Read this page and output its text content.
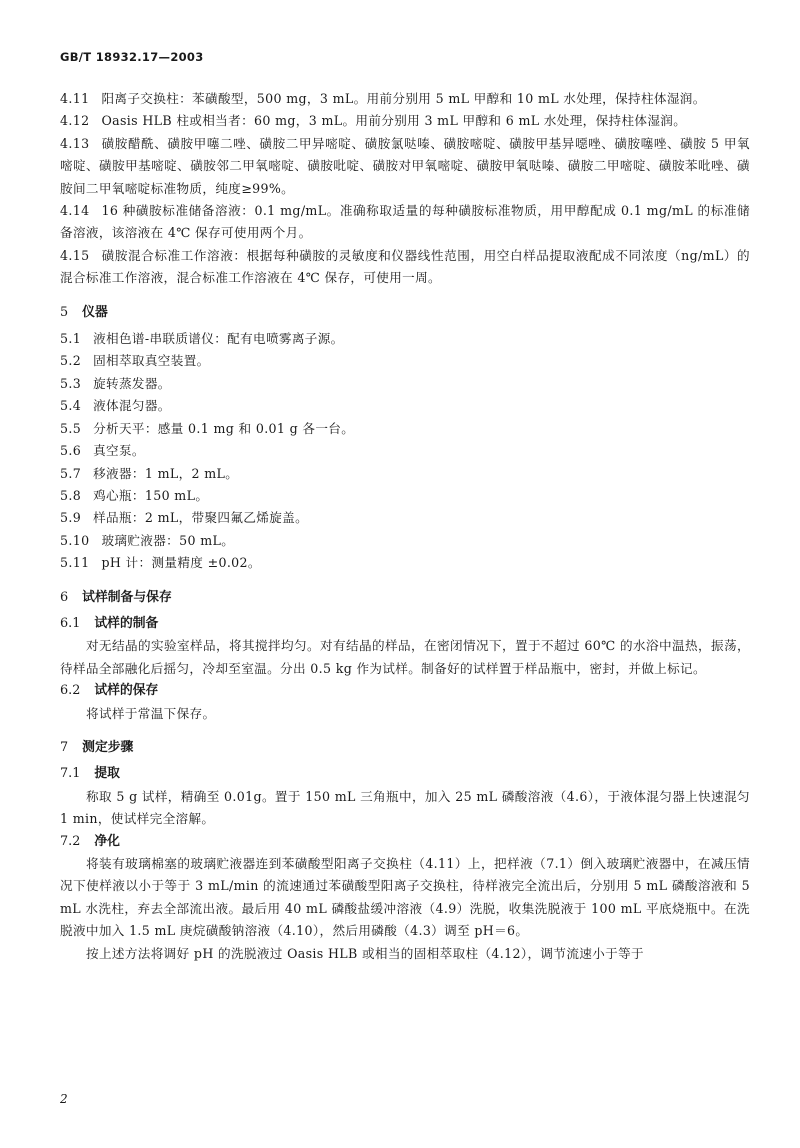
GB/T 18932.17—2003

4.11 阳离子交换柱：苯磺酸型，500 mg，3 mL。用前分别用 5 mL 甲醇和 10 mL 水处理，保持柱体湿润。

4.12 Oasis HLB 柱或相当者：60 mg，3 mL。用前分别用 3 mL 甲醇和 6 mL 水处理，保持柱体湿润。

4.13 磺胺醋酰、磺胺甲噻二唑、磺胺二甲异嘧啶、磺胺氯哒嗪、磺胺嘧啶、磺胺甲基异噁唑、磺胺噻唑、磺胺 5 甲氧嘧啶、磺胺甲基嘧啶、磺胺邻二甲氧嘧啶、磺胺吡啶、磺胺对甲氧嘧啶、磺胺甲氧哒嗪、磺胺二甲嘧啶、磺胺苯吡唑、磺胺间二甲氧嘧啶标准物质，纯度≥99%。

4.14 16 种磺胺标准储备溶液：0.1 mg/mL。准确称取适量的每种磺胺标准物质，用甲醇配成 0.1 mg/mL 的标准储备溶液，该溶液在 4℃ 保存可使用两个月。

4.15 磺胺混合标准工作溶液：根据每种磺胺的灵敏度和仪器线性范围，用空白样品提取液配成不同浓度（ng/mL）的混合标准工作溶液，混合标准工作溶液在 4℃ 保存，可使用一周。

5 仪器

5.1 液相色谱-串联质谱仪：配有电喷雾离子源。

5.2 固相萃取真空装置。

5.3 旋转蒸发器。

5.4 液体混匀器。

5.5 分析天平：感量 0.1 mg 和 0.01 g 各一台。

5.6 真空泵。

5.7 移液器：1 mL，2 mL。

5.8 鸡心瓶：150 mL。

5.9 样品瓶：2 mL，带聚四氟乙烯旋盖。

5.10 玻璃贮液器：50 mL。

5.11 pH 计：测量精度 ±0.02。

6 试样制备与保存
6.1 试样的制备

对无结晶的实验室样品，将其搅拌均匀。对有结晶的样品，在密闭情况下，置于不超过 60℃ 的水浴中温热，振荡，待样品全部融化后摇匀，冷却至室温。分出 0.5 kg 作为试样。制备好的试样置于样品瓶中，密封，并做上标记。

6.2 试样的保存

将试样于常温下保存。

7 测定步骤
7.1 提取

称取 5 g 试样，精确至 0.01g。置于 150 mL 三角瓶中，加入 25 mL 磷酸溶液（4.6），于液体混匀器上快速混匀 1 min，使试样完全溶解。

7.2 净化

将装有玻璃棉塞的玻璃贮液器连到苯磺酸型阳离子交换柱（4.11）上，把样液（7.1）倒入玻璃贮液器中，在减压情况下使样液以小于等于 3 mL/min 的流速通过苯磺酸型阳离子交换柱，待样液完全流出后，分别用 5 mL 磷酸溶液和 5 mL 水洗柱，弃去全部流出液。最后用 40 mL 磷酸盐缓冲溶液（4.9）洗脱，收集洗脱液于 100 mL 平底烧瓶中。在洗脱液中加入 1.5 mL 庚烷磺酸钠溶液（4.10），然后用磷酸（4.3）调至 pH＝6。

按上述方法将调好 pH 的洗脱液过 Oasis HLB 或相当的固相萃取柱（4.12），调节流速小于等于

2
